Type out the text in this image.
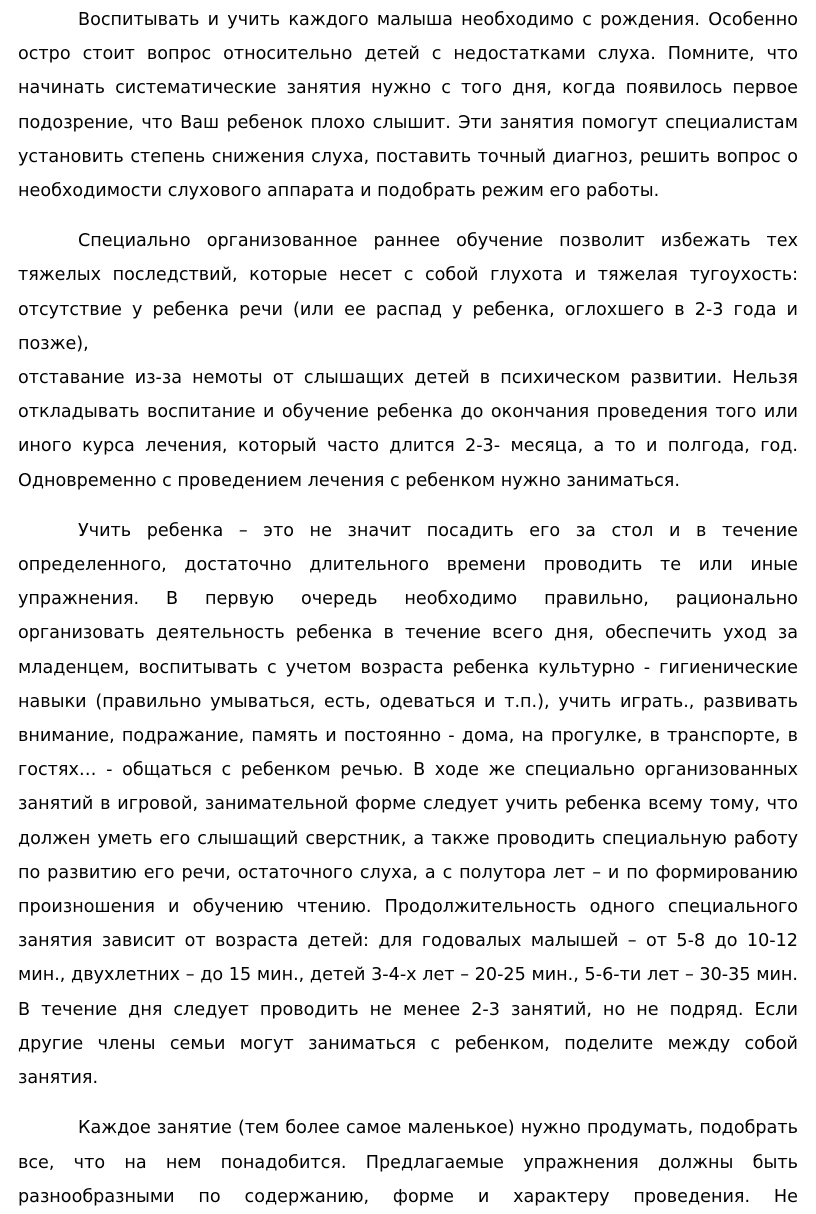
Воспитывать и учить каждого малыша необходимо с рождения. Особенно
остро стоит вопрос относительно детей с недостатками слуха. Помните, что
начинать систематические занятия нужно с того дня, когда появилось первое
подозрение, что Ваш ребенок плохо слышит. Эти занятия помогут специалистам
установить степень снижения слуха, поставить точный диагноз, решить вопрос о
необходимости слухового аппарата и подобрать режим его работы.
Специально организованное раннее обучение позволит избежать тех
тяжелых последствий, которые несет с собой глухота и тяжелая тугоухость:
отсутствие у ребенка речи (или ее распад у ребенка, оглохшего в 2-3 года и позже),
отставание из-за немоты от слышащих детей в психическом развитии. Нельзя
откладывать воспитание и обучение ребенка до окончания проведения того или
иного курса лечения, который часто длится 2-3- месяца, а то и полгода, год.
Одновременно с проведением лечения с ребенком нужно заниматься.
Учить ребенка – это не значит посадить его за стол и в течение
определенного, достаточно длительного времени проводить те или иные
упражнения. В первую очередь необходимо правильно, рационально
организовать деятельность ребенка в течение всего дня, обеспечить уход за
младенцем, воспитывать с учетом возраста ребенка культурно - гигиенические
навыки (правильно умываться, есть, одеваться и т.п.), учить играть., развивать
внимание, подражание, память и постоянно - дома, на прогулке, в транспорте, в
гостях… - общаться с ребенком речью. В ходе же специально организованных
занятий в игровой, занимательной форме следует учить ребенка всему тому, что
должен уметь его слышащий сверстник, а также проводить специальную работу
по развитию его речи, остаточного слуха, а с полутора лет – и по формированию
произношения и обучению чтению. Продолжительность одного специального
занятия зависит от возраста детей: для годовалых малышей – от 5-8 до 10-12
мин., двухлетних – до 15 мин., детей 3-4-х лет – 20-25 мин., 5-6-ти лет – 30-35 мин.
В течение дня следует проводить не менее 2-3 занятий, но не подряд. Если
другие члены семьи могут заниматься с ребенком, поделите между собой занятия.
Каждое занятие (тем более самое маленькое) нужно продумать, подобрать
все, что на нем понадобится. Предлагаемые упражнения должны быть
разнообразными по содержанию, форме и характеру проведения. Не
